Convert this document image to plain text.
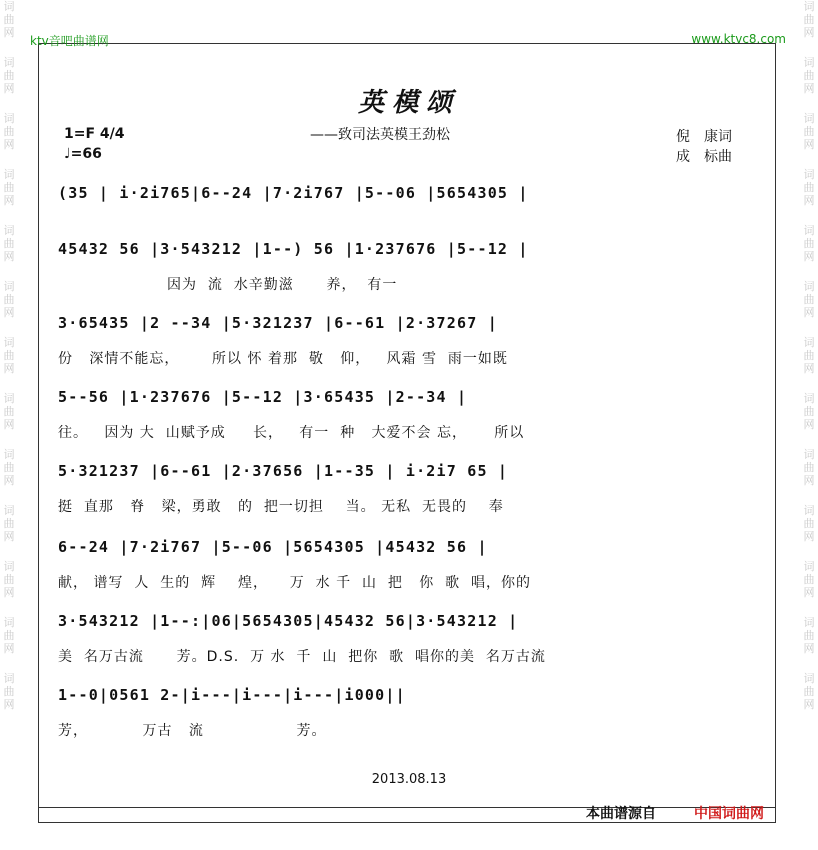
词
曲
网
词
曲
网
词
曲
网
词
曲
网
词
曲
网
词
曲
网
词
曲
网
词
曲
网
词
曲
网
词
曲
网
词
曲
网
词
曲
网
词
曲
网
词
曲
网
词
曲
网
词
曲
网
词
曲
网
词
曲
网
词
曲
网
词
曲
网
词
曲
网
词
曲
网
词
曲
网
词
曲
网
词
曲
网
词
曲
网
ktv音吧曲谱网	www.ktvc8.com
英模颂
——致司法英模王劲松
1=F 4/4
♩=66
倪　康词
成　标曲
(35 | i·2i765|6--24 |7·2i767 |5--06 |5654305 |
45432 56 |3·543212 |1--) 56 |1·237676 |5--12 |
因为  流  水辛勤滋      养，  有一
3·65435 |2 --34 |5·321237 |6--61 |2·37267 |
份   深情不能忘，      所以 怀 着那  敬   仰，   风霜 雪  雨一如既
5--56 |1·237676 |5--12 |3·65435 |2--34 |
往。   因为 大  山赋予成     长，   有一  种   大爱不会 忘，     所以
5·321237 |6--61 |2·37656 |1--35 | i·2i7 65 |
挺  直那   脊   梁，勇敢   的  把一切担    当。 无私  无畏的    奉
6--24 |7·2i767 |5--06 |5654305 |45432 56 |
献， 谱写  人  生的  辉    煌，    万  水 千  山  把   你  歌  唱，你的
3·543212 |1--:|06|5654305|45432 56|3·543212 |
美  名万古流      芳。D.S.  万 水  千  山  把你  歌  唱你的美  名万古流
1--0|0561 2-|i---|i---|i---|i000||
芳，          万古   流                 芳。
2013.08.13
本曲谱源自	中国词曲网
